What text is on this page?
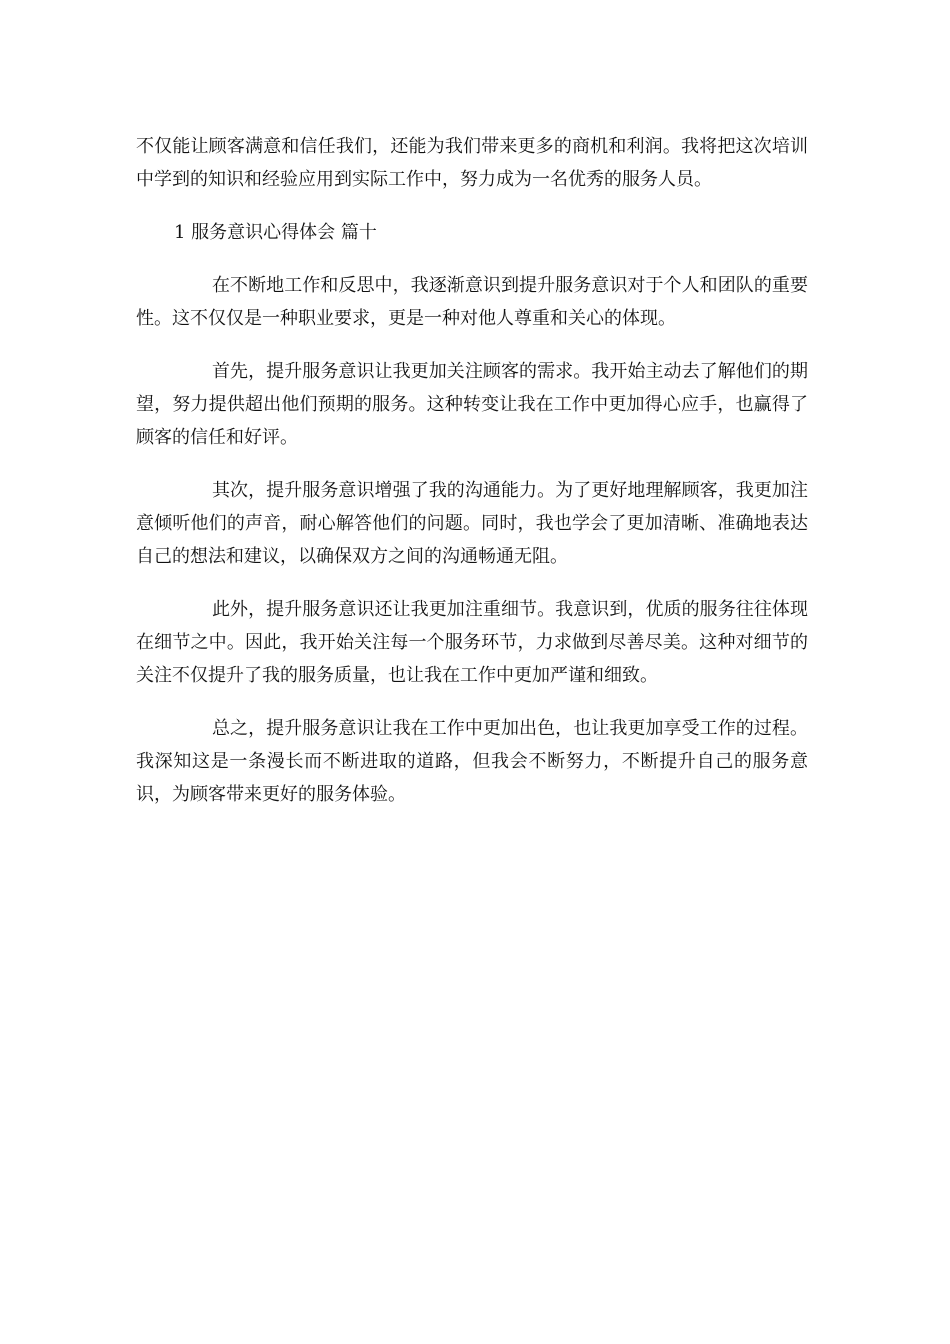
不仅能让顾客满意和信任我们，还能为我们带来更多的商机和利润。我将把这次培训中学到的知识和经验应用到实际工作中，努力成为一名优秀的服务人员。

1 服务意识心得体会 篇十

在不断地工作和反思中，我逐渐意识到提升服务意识对于个人和团队的重要性。这不仅仅是一种职业要求，更是一种对他人尊重和关心的体现。

首先，提升服务意识让我更加关注顾客的需求。我开始主动去了解他们的期望，努力提供超出他们预期的服务。这种转变让我在工作中更加得心应手，也赢得了顾客的信任和好评。

其次，提升服务意识增强了我的沟通能力。为了更好地理解顾客，我更加注意倾听他们的声音，耐心解答他们的问题。同时，我也学会了更加清晰、准确地表达自己的想法和建议，以确保双方之间的沟通畅通无阻。

此外，提升服务意识还让我更加注重细节。我意识到，优质的服务往往体现在细节之中。因此，我开始关注每一个服务环节，力求做到尽善尽美。这种对细节的关注不仅提升了我的服务质量，也让我在工作中更加严谨和细致。

总之，提升服务意识让我在工作中更加出色，也让我更加享受工作的过程。我深知这是一条漫长而不断进取的道路，但我会不断努力，不断提升自己的服务意识，为顾客带来更好的服务体验。
